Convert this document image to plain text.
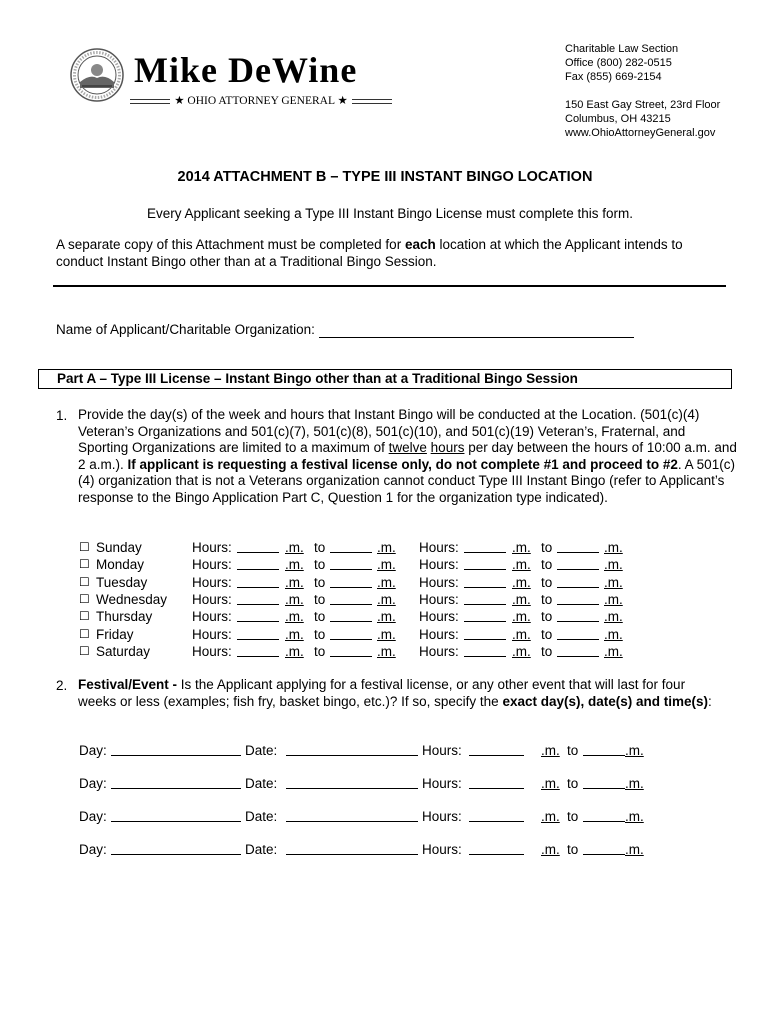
Mike DeWine
★ OHIO ATTORNEY GENERAL ★
Charitable Law Section
Office (800) 282-0515
Fax (855) 669-2154
150 East Gay Street, 23rd Floor
Columbus, OH 43215
www.OhioAttorneyGeneral.gov
2014 ATTACHMENT B – TYPE III INSTANT BINGO LOCATION
Every Applicant seeking a Type III Instant Bingo License must complete this form.
A separate copy of this Attachment must be completed for each location at which the Applicant intends to conduct Instant Bingo other than at a Traditional Bingo Session.
Name of Applicant/Charitable Organization:
Part A – Type III License – Instant Bingo other than at a Traditional Bingo Session
1. Provide the day(s) of the week and hours that Instant Bingo will be conducted at the Location. (501(c)(4) Veteran’s Organizations and 501(c)(7), 501(c)(8), 501(c)(10), and 501(c)(19) Veteran’s, Fraternal, and Sporting Organizations are limited to a maximum of twelve hours per day between the hours of 10:00 a.m. and 2 a.m.). If applicant is requesting a festival license only, do not complete #1 and proceed to #2. A 501(c)(4) organization that is not a Veterans organization cannot conduct Type III Instant Bingo (refer to Applicant’s response to the Bingo Application Part C, Question 1 for the organization type indicated).
☐ Sunday	Hours:	.m. to	.m. Hours:	.m. to	.m.
☐ Monday	Hours:	.m. to	.m. Hours:	.m. to	.m.
☐ Tuesday	Hours:	.m. to	.m. Hours:	.m. to	.m.
☐ Wednesday Hours:	.m. to	.m. Hours:	.m. to	.m.
☐ Thursday	Hours:	.m. to	.m. Hours:	.m. to	.m.
☐ Friday	Hours:	.m. to	.m. Hours:	.m. to	.m.
☐ Saturday	Hours:	.m. to	.m. Hours:	.m. to	.m.
2. Festival/Event - Is the Applicant applying for a festival license, or any other event that will last for four weeks or less (examples; fish fry, basket bingo, etc.)? If so, specify the exact day(s), date(s) and time(s):
Day:	Date:	Hours:	.m. to	.m.
Day:	Date:	Hours:	.m. to	.m.
Day:	Date:	Hours:	.m. to	.m.
Day:	Date:	Hours:	.m. to	.m.
